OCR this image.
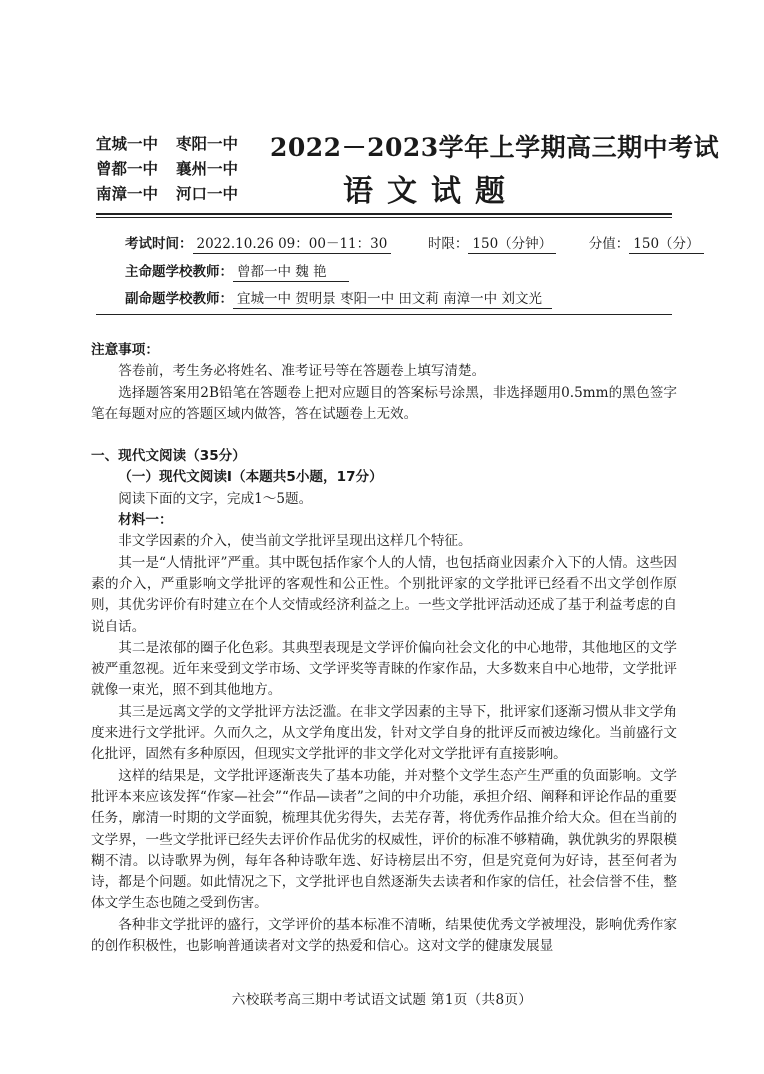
宜城一中	枣阳一中
曾都一中	襄州一中
南漳一中	河口一中
2022－2023学年上学期高三期中考试
语文试题
考试时间： 2022.10.26 09：00－11：30	时限： 150（分钟）	分值： 150（分）
主命题学校教师： 曾都一中 魏 艳
副命题学校教师： 宜城一中 贺明景 枣阳一中 田文莉 南漳一中 刘文光

注意事项：

答卷前，考生务必将姓名、准考证号等在答题卷上填写清楚。

选择题答案用2B铅笔在答题卷上把对应题目的答案标号涂黑，非选择题用0.5mm的黑色签字笔在每题对应的答题区域内做答，答在试题卷上无效。

一、现代文阅读（35分）

（一）现代文阅读Ⅰ（本题共5小题，17分）

阅读下面的文字，完成1～5题。

材料一：

非文学因素的介入，使当前文学批评呈现出这样几个特征。

其一是“人情批评”严重。其中既包括作家个人的人情，也包括商业因素介入下的人情。这些因素的介入，严重影响文学批评的客观性和公正性。个别批评家的文学批评已经看不出文学创作原则，其优劣评价有时建立在个人交情或经济利益之上。一些文学批评活动还成了基于利益考虑的自说自话。

其二是浓郁的圈子化色彩。其典型表现是文学评价偏向社会文化的中心地带，其他地区的文学被严重忽视。近年来受到文学市场、文学评奖等青睐的作家作品，大多数来自中心地带，文学批评就像一束光，照不到其他地方。

其三是远离文学的文学批评方法泛滥。在非文学因素的主导下，批评家们逐渐习惯从非文学角度来进行文学批评。久而久之，从文学角度出发，针对文学自身的批评反而被边缘化。当前盛行文化批评，固然有多种原因，但现实文学批评的非文学化对文学批评有直接影响。

这样的结果是，文学批评逐渐丧失了基本功能，并对整个文学生态产生严重的负面影响。文学批评本来应该发挥“作家—社会”“作品—读者”之间的中介功能，承担介绍、阐释和评论作品的重要任务，廓清一时期的文学面貌，梳理其优劣得失，去芜存菁，将优秀作品推介给大众。但在当前的文学界，一些文学批评已经失去评价作品优劣的权威性，评价的标准不够精确，孰优孰劣的界限模糊不清。以诗歌界为例，每年各种诗歌年选、好诗榜层出不穷，但是究竟何为好诗，甚至何者为诗，都是个问题。如此情况之下，文学批评也自然逐渐失去读者和作家的信任，社会信誉不佳，整体文学生态也随之受到伤害。

各种非文学批评的盛行，文学评价的基本标准不清晰，结果使优秀文学被埋没，影响优秀作家的创作积极性，也影响普通读者对文学的热爱和信心。这对文学的健康发展显

六校联考高三期中考试语文试题 第1页（共8页）
